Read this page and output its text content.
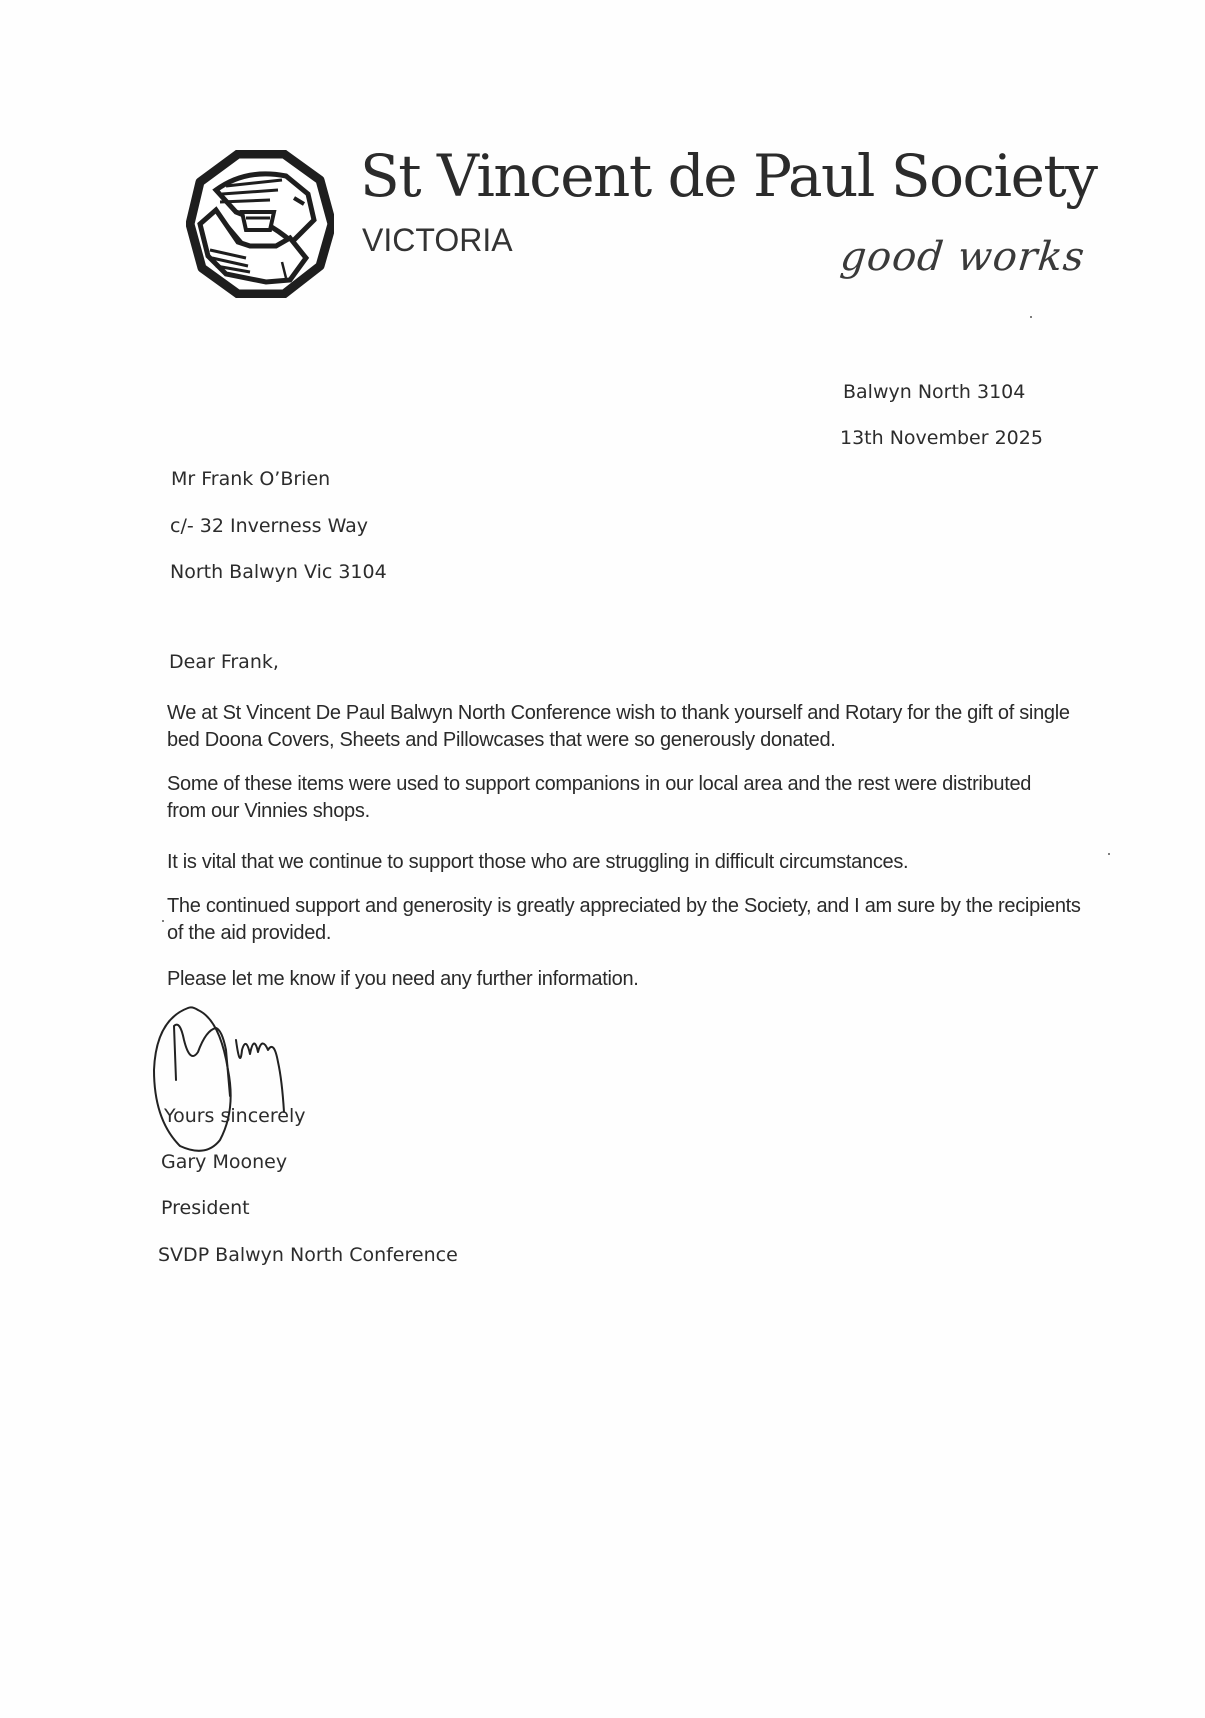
St Vincent de Paul Society
VICTORIA	good works
Balwyn North 3104
13th November 2025
Mr Frank O’Brien
c/- 32 Inverness Way
North Balwyn Vic 3104
Dear Frank,
We at St Vincent De Paul Balwyn North Conference wish to thank yourself and Rotary for the gift of single bed Doona Covers, Sheets and Pillowcases that were so generously donated.
Some of these items were used to support companions in our local area and the rest were distributed from our Vinnies shops.
It is vital that we continue to support those who are struggling in difficult circumstances.
The continued support and generosity is greatly appreciated by the Society, and I am sure by the recipients of the aid provided.
Please let me know if you need any further information.
Yours sincerely
Gary Mooney
President
SVDP Balwyn North Conference
